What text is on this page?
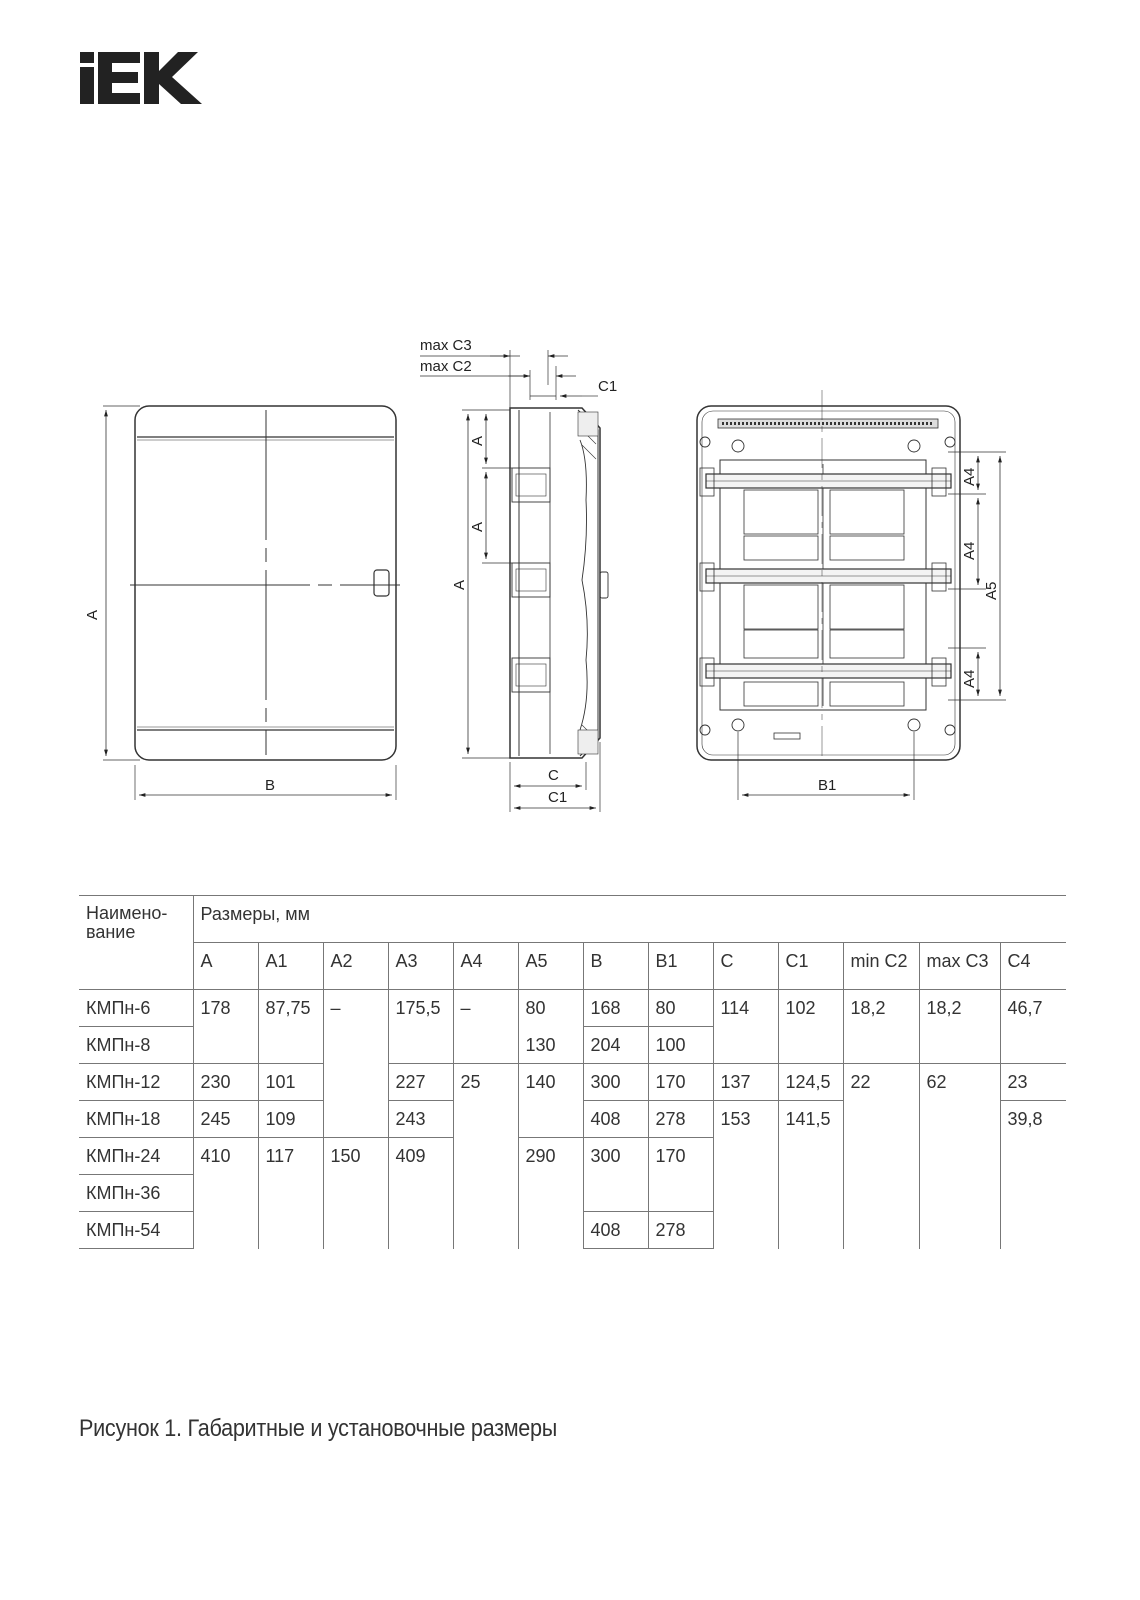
A
B
max C3
max C2
C1
A
A
A
C
C1
A4
A4
A4
A5
B1
Наимено-
вание	Размеры, мм												
	A	A1	A2	A3	A4	A5	B	B1	C	C1	min C2	max C3	C4
КМПн-6	178	87,75	–	175,5	–	80	168	80	114	102	18,2	18,2	46,7
КМПн-8						130	204	100					
КМПн-12	230	101		227	25	140	300	170	137	124,5	22	62	23
КМПн-18	245	109		243			408	278	153	141,5			39,8
КМПн-24	410	117	150	409		290	300	170					
КМПн-36													
КМПн-54							408	278					
Рисунок 1. Габаритные и установочные размеры
